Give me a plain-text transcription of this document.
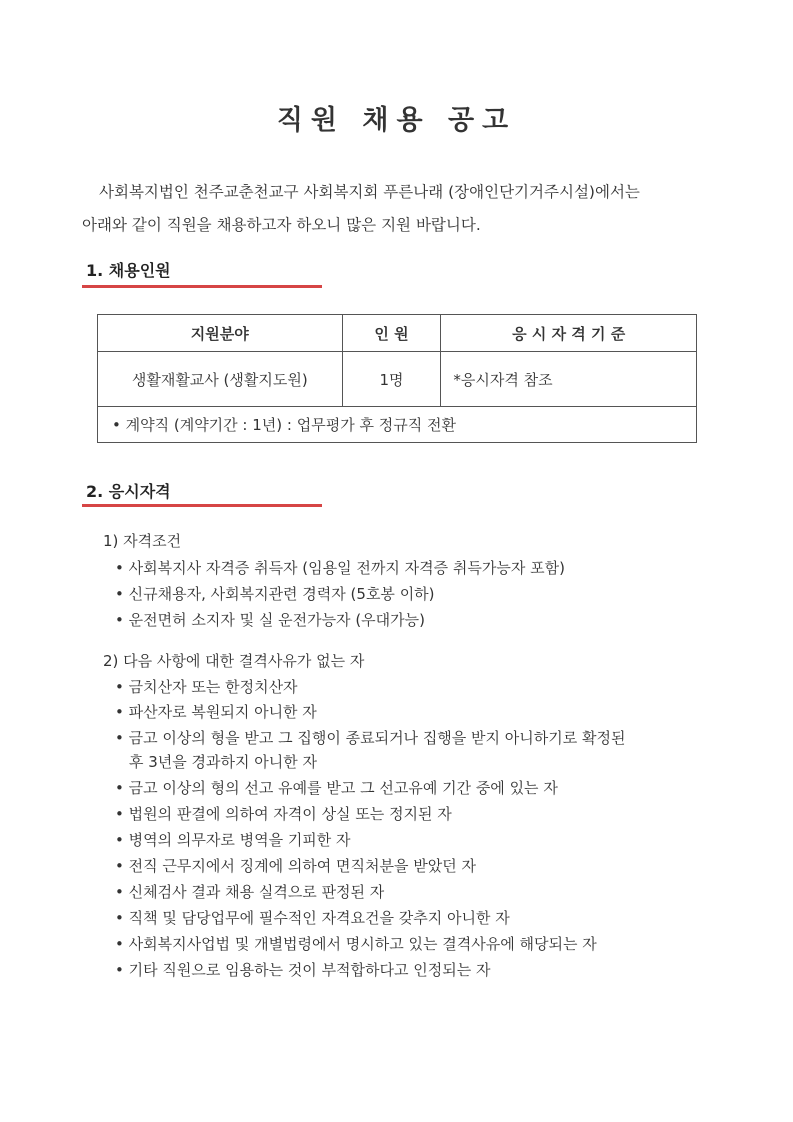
직원 채용 공고
사회복지법인 천주교춘천교구 사회복지회 푸른나래 (장애인단기거주시설)에서는
아래와 같이 직원을 채용하고자 하오니 많은 지원 바랍니다.
1. 채용인원
지원분야	인 원	응 시 자 격 기 준
생활재활교사 (생활지도원)	1명	*응시자격 참조
• 계약직 (계약기간 : 1년) : 업무평가 후 정규직 전환		
2. 응시자격
1) 자격조건
• 사회복지사 자격증 취득자 (임용일 전까지 자격증 취득가능자 포함)
• 신규채용자, 사회복지관련 경력자 (5호봉 이하)
• 운전면허 소지자 및 실 운전가능자 (우대가능)
2) 다음 사항에 대한 결격사유가 없는 자
• 금치산자 또는 한정치산자
• 파산자로 복원되지 아니한 자
• 금고 이상의 형을 받고 그 집행이 종료되거나 집행을 받지 아니하기로 확정된
후 3년을 경과하지 아니한 자
• 금고 이상의 형의 선고 유예를 받고 그 선고유예 기간 중에 있는 자
• 법원의 판결에 의하여 자격이 상실 또는 정지된 자
• 병역의 의무자로 병역을 기피한 자
• 전직 근무지에서 징계에 의하여 면직처분을 받았던 자
• 신체검사 결과 채용 실격으로 판정된 자
• 직책 및 담당업무에 필수적인 자격요건을 갖추지 아니한 자
• 사회복지사업법 및 개별법령에서 명시하고 있는 결격사유에 해당되는 자
• 기타 직원으로 임용하는 것이 부적합하다고 인정되는 자
